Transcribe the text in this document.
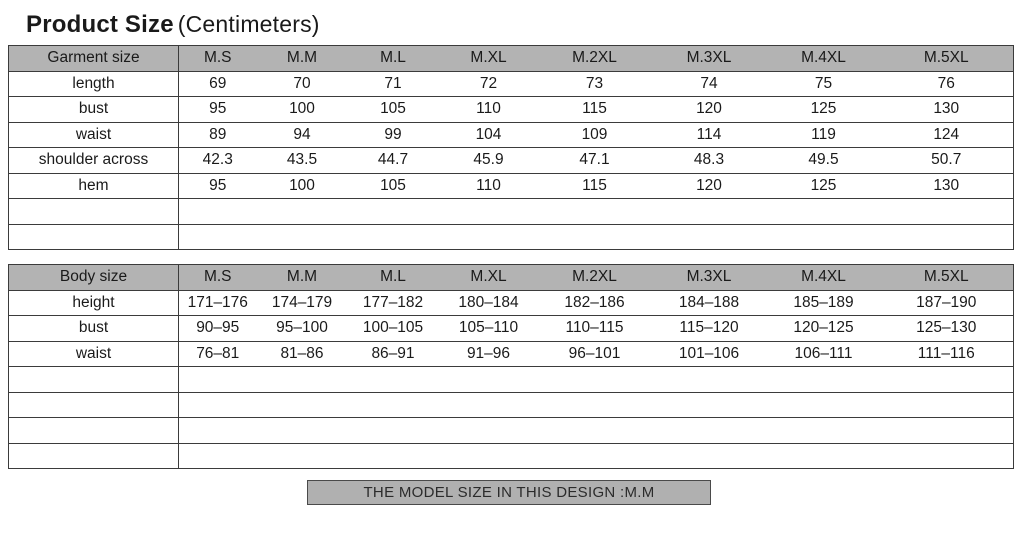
Product Size (Centimeters)
Garment size	M.S	M.M	M.L	M.XL	M.2XL	M.3XL	M.4XL	M.5XL
length	69	70	71	72	73	74	75	76
bust	95	100	105	110	115	120	125	130
waist	89	94	99	104	109	114	119	124
shoulder across	42.3	43.5	44.7	45.9	47.1	48.3	49.5	50.7
hem	95	100	105	110	115	120	125	130

Body size	M.S	M.M	M.L	M.XL	M.2XL	M.3XL	M.4XL	M.5XL
height	171–176	174–179	177–182	180–184	182–186	184–188	185–189	187–190
bust	90–95	95–100	100–105	105–110	110–115	115–120	120–125	125–130
waist	76–81	81–86	86–91	91–96	96–101	101–106	106–111	111–116

THE MODEL SIZE IN THIS DESIGN :M.M
